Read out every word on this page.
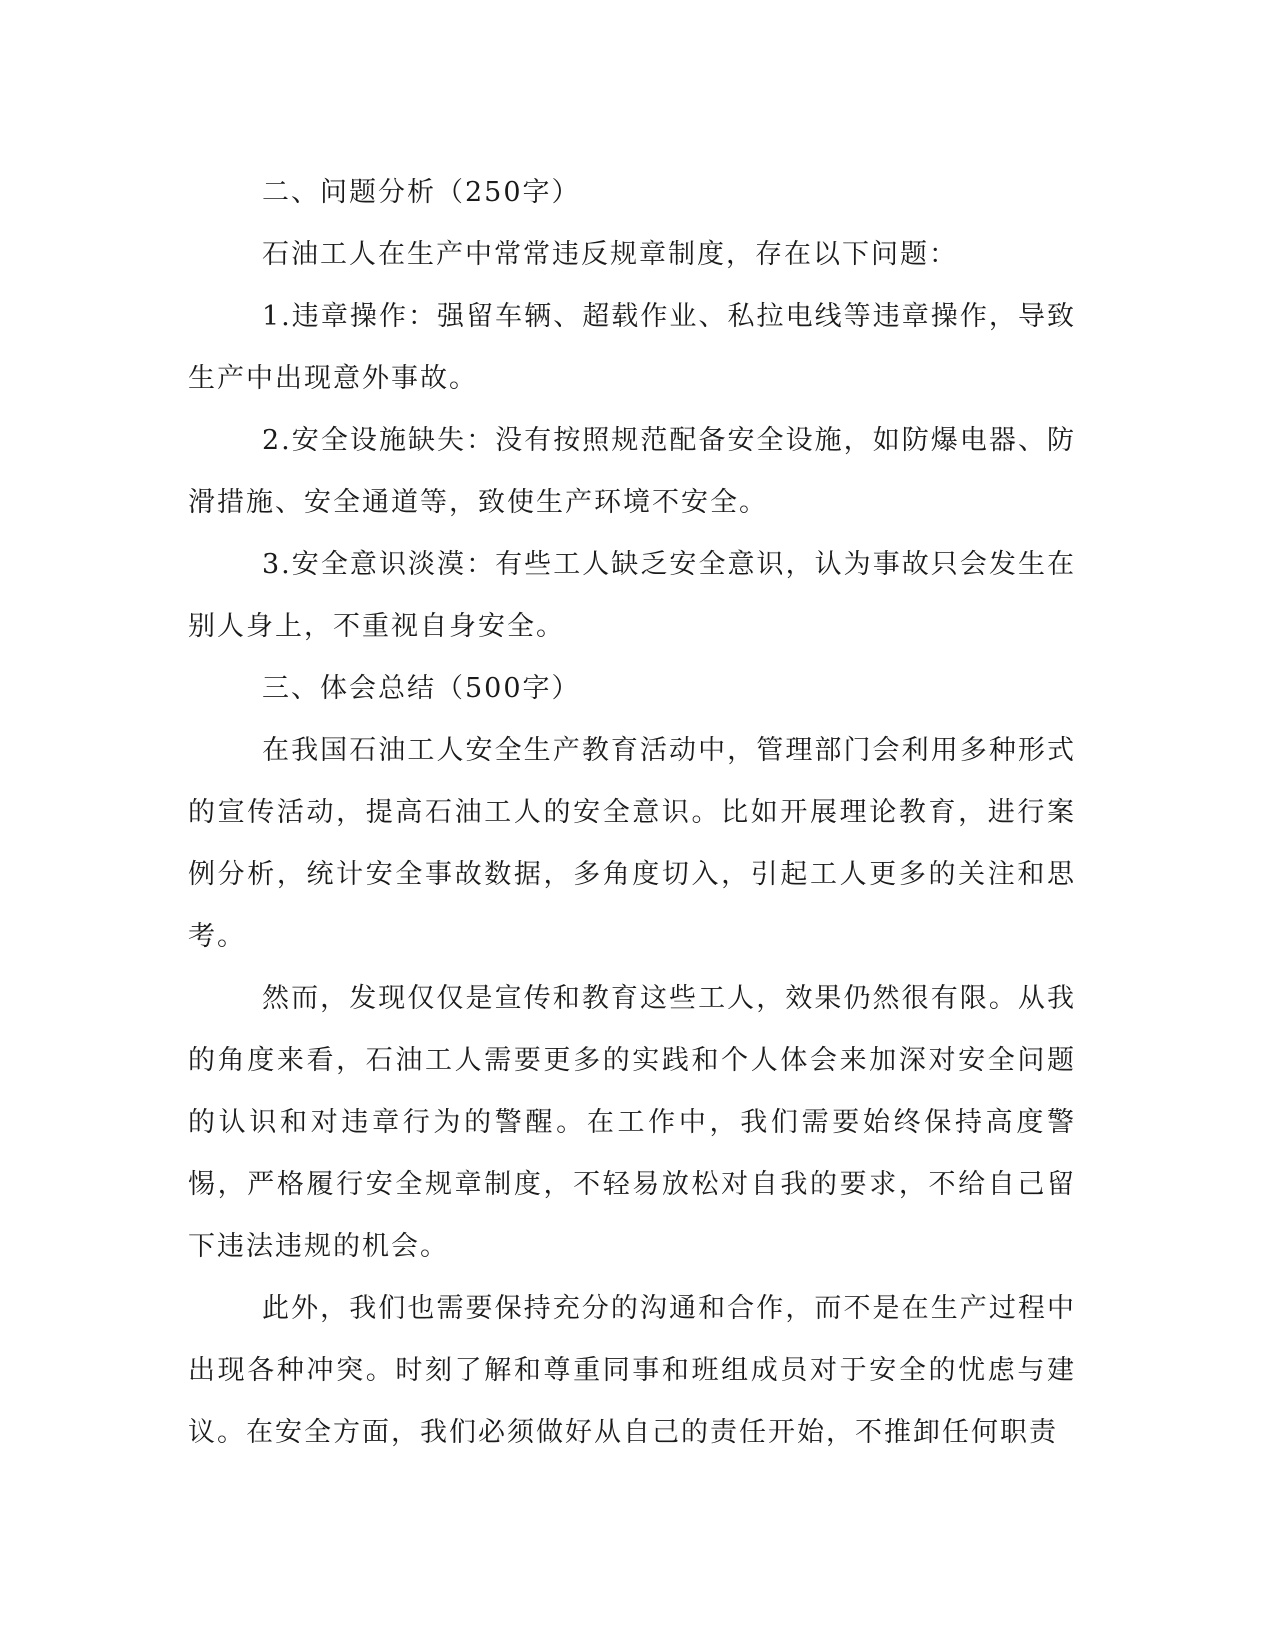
二、问题分析（250字）

石油工人在生产中常常违反规章制度，存在以下问题：

1.违章操作：强留车辆、超载作业、私拉电线等违章操作，导致生产中出现意外事故。

2.安全设施缺失：没有按照规范配备安全设施，如防爆电器、防滑措施、安全通道等，致使生产环境不安全。

3.安全意识淡漠：有些工人缺乏安全意识，认为事故只会发生在别人身上，不重视自身安全。

三、体会总结（500字）

在我国石油工人安全生产教育活动中，管理部门会利用多种形式的宣传活动，提高石油工人的安全意识。比如开展理论教育，进行案例分析，统计安全事故数据，多角度切入，引起工人更多的关注和思考。

然而，发现仅仅是宣传和教育这些工人，效果仍然很有限。从我的角度来看，石油工人需要更多的实践和个人体会来加深对安全问题的认识和对违章行为的警醒。在工作中，我们需要始终保持高度警惕，严格履行安全规章制度，不轻易放松对自我的要求，不给自己留下违法违规的机会。

此外，我们也需要保持充分的沟通和合作，而不是在生产过程中出现各种冲突。时刻了解和尊重同事和班组成员对于安全的忧虑与建议。在安全方面，我们必须做好从自己的责任开始，不推卸任何职责
